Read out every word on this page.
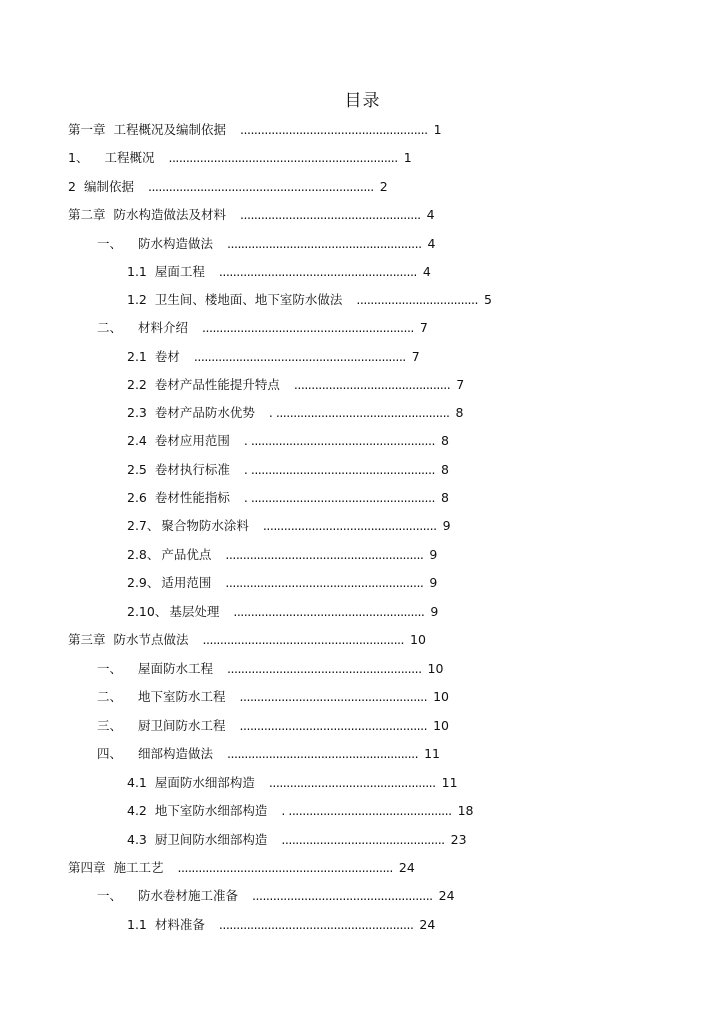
目录
第一章 工程概况及编制依据 ...................................................... 1
1、 工程概况 .................................................................. 1
2 编制依据 ................................................................. 2
第二章 防水构造做法及材料 .................................................... 4
一、 防水构造做法 ........................................................ 4
1.1 屋面工程 ......................................................... 4
1.2 卫生间、楼地面、地下室防水做法 ................................... 5
二、 材料介绍 ............................................................. 7
2.1 卷材 ............................................................. 7
2.2 卷材产品性能提升特点 ............................................. 7
2.3 卷材产品防水优势 . .................................................. 8
2.4 卷材应用范围 . ..................................................... 8
2.5 卷材执行标准 . ..................................................... 8
2.6 卷材性能指标 . ..................................................... 8
2.7、 聚合物防水涂料 .................................................. 9
2.8、 产品优点 ......................................................... 9
2.9、 适用范围 ......................................................... 9
2.10、 基层处理 ....................................................... 9
第三章 防水节点做法 .......................................................... 10
一、 屋面防水工程 ........................................................ 10
二、 地下室防水工程 ...................................................... 10
三、 厨卫间防水工程 ...................................................... 10
四、 细部构造做法 ....................................................... 11
4.1 屋面防水细部构造 ................................................ 11
4.2 地下室防水细部构造 . ............................................... 18
4.3 厨卫间防水细部构造 ............................................... 23
第四章 施工工艺 .............................................................. 24
一、 防水卷材施工准备 .................................................... 24
1.1 材料准备 ........................................................ 24
